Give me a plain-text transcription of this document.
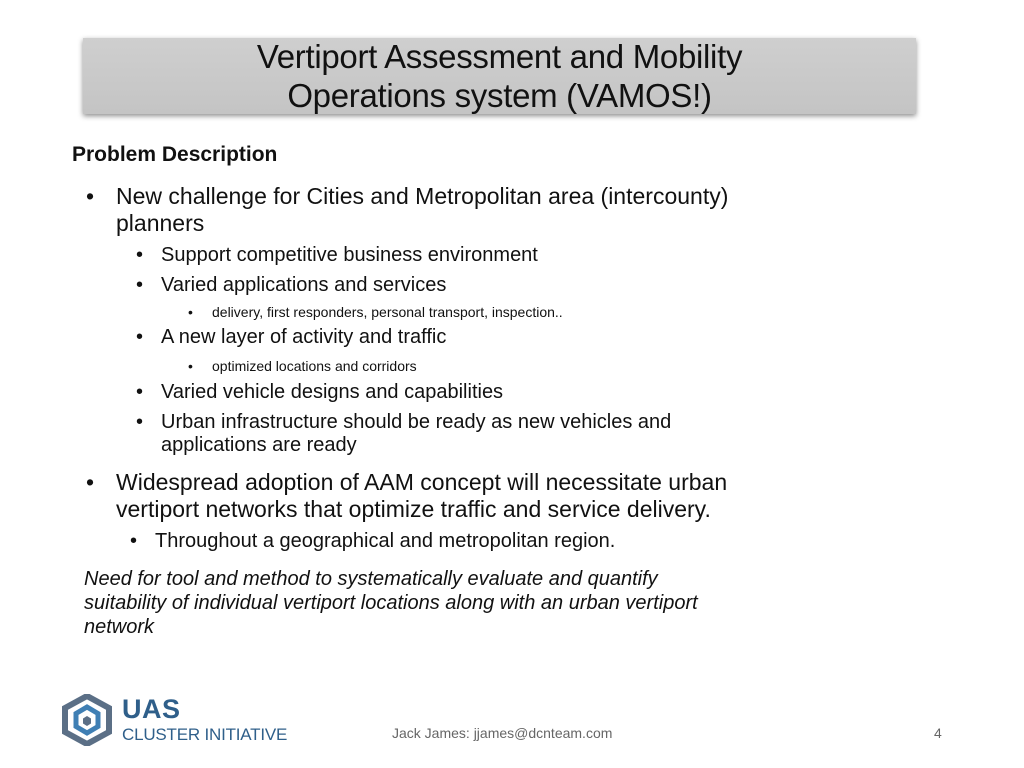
Vertiport Assessment and Mobility
Operations system (VAMOS!)
Problem Description
• New challenge for Cities and Metropolitan area (intercounty)
planners
• Support competitive business environment
• Varied applications and services
• delivery, first responders, personal transport, inspection..
• A new layer of activity and traffic
• optimized locations and corridors
• Varied vehicle designs and capabilities
• Urban infrastructure should be ready as new vehicles and
applications are ready
• Widespread adoption of AAM concept will necessitate urban
vertiport networks that optimize traffic and service delivery.
• Throughout a geographical and metropolitan region.
Need for tool and method to systematically evaluate and quantify
suitability of individual vertiport locations along with an urban vertiport
network
UAS
CLUSTER INITIATIVE	Jack James: jjames@dcnteam.com	4
